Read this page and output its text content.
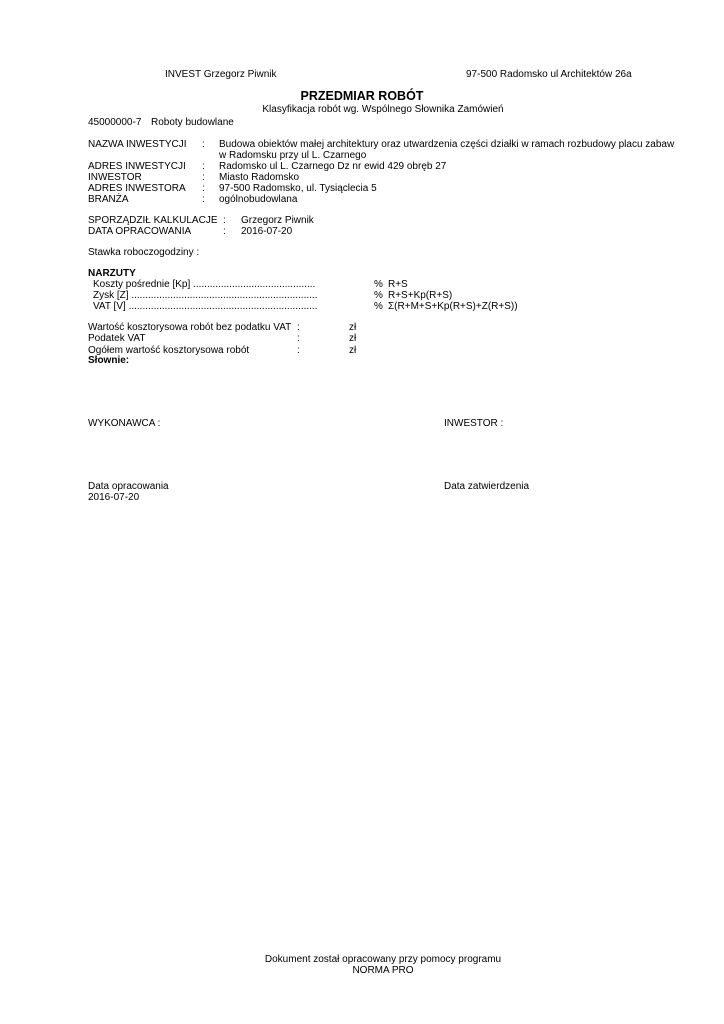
INVEST Grzegorz Piwnik	97-500 Radomsko ul Architektów 26a
PRZEDMIAR ROBÓT
Klasyfikacja robót wg. Wspólnego Słownika Zamówień
45000000-7 Roboty budowlane
NAZWA INWESTYCJI : Budowa obiektów małej architektury oraz utwardzenia części działki w ramach rozbudowy placu zabaw w Radomsku przy ul L. Czarnego
ADRES INWESTYCJI : Radomsko ul L. Czarnego Dz nr ewid 429 obręb 27
INWESTOR	: Miasto Radomsko
ADRES INWESTORA : 97-500 Radomsko, ul. Tysiąclecia 5
BRANŻA	: ogólnobudowlana
SPORZĄDZIŁ KALKULACJE : Grzegorz Piwnik
DATA OPRACOWANIA	: 2016-07-20
Stawka roboczogodziny :
NARZUTY
Koszty pośrednie [Kp] ............................................	% R+S
Zysk [Z] ...................................................................	% R+S+Kp(R+S)
VAT [V] ....................................................................	% Σ(R+M+S+Kp(R+S)+Z(R+S))
Wartość kosztorysowa robót bez podatku VAT :	zł
Podatek VAT	:	zł
Ogółem wartość kosztorysowa robót	:	zł
Słownie:
WYKONAWCA :	INWESTOR :
Data opracowania
2016-07-20
Data zatwierdzenia
Dokument został opracowany przy pomocy programu
NORMA PRO
